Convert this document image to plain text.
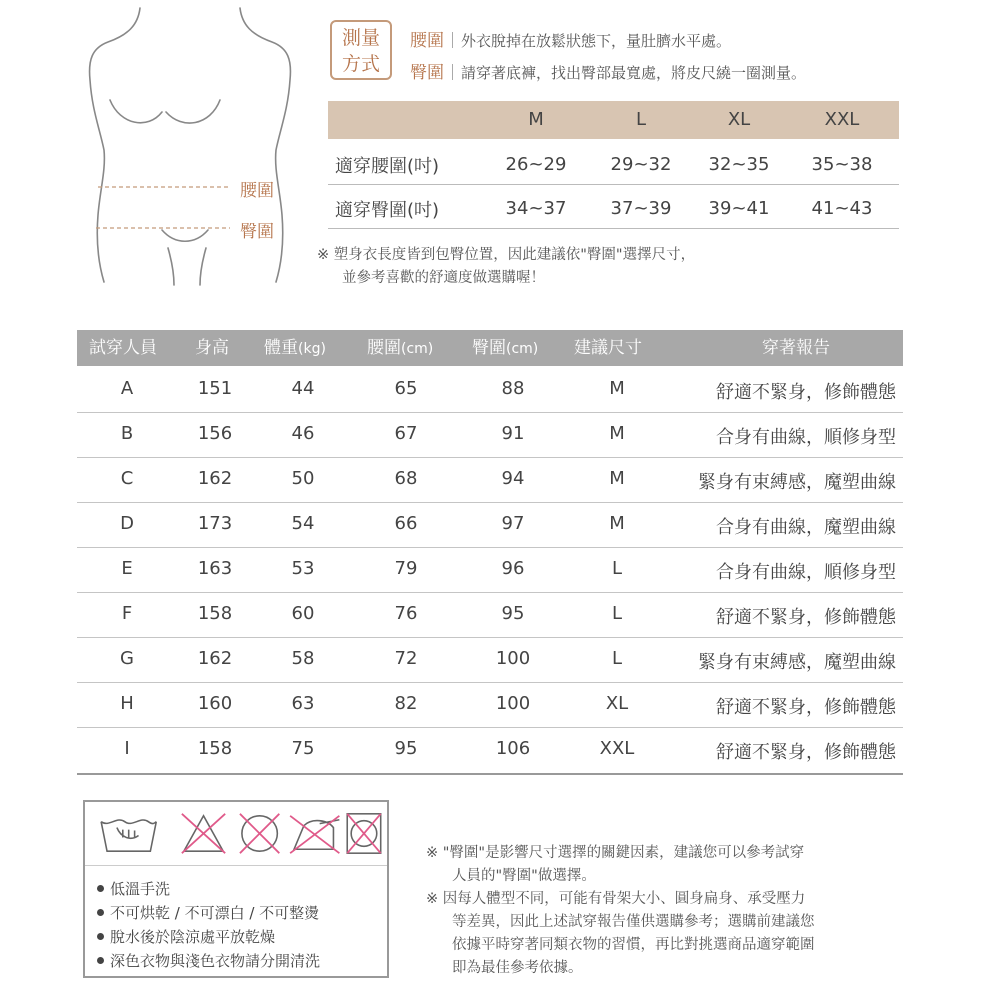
腰圍
臀圍
測量
方式
腰圍 外衣脫掉在放鬆狀態下，量肚臍水平處。
臀圍 請穿著底褲，找出臀部最寬處，將皮尺繞一圈測量。
M	L	XL	XXL
適穿腰圍(吋)	26~29	29~32	32~35	35~38
適穿臀圍(吋)	34~37	37~39	39~41	41~43
※ 塑身衣長度皆到包臀位置，因此建議依"臀圍"選擇尺寸，
並參考喜歡的舒適度做選購喔！
試穿人員 身高 體重(kg) 腰圍(cm) 臀圍(cm) 建議尺寸	穿著報告
A	151	44	65	88	M	舒適不緊身，修飾體態
B	156	46	67	91	M	合身有曲線，順修身型
C	162	50	68	94	M	緊身有束縛感，魔塑曲線
D	173	54	66	97	M	合身有曲線，魔塑曲線
E	163	53	79	96	L	合身有曲線，順修身型
F	158	60	76	95	L	舒適不緊身，修飾體態
G	162	58	72	100	L	緊身有束縛感，魔塑曲線
H	160	63	82	100	XL	舒適不緊身，修飾體態
I	158	75	95	106	XXL	舒適不緊身，修飾體態
低溫手洗
不可烘乾 / 不可漂白 / 不可整燙
脫水後於陰涼處平放乾燥
深色衣物與淺色衣物請分開清洗
※ "臀圍"是影響尺寸選擇的關鍵因素，建議您可以參考試穿
人員的"臀圍"做選擇。
※ 因每人體型不同，可能有骨架大小、圓身扁身、承受壓力
等差異，因此上述試穿報告僅供選購參考；選購前建議您
依據平時穿著同類衣物的習慣，再比對挑選商品適穿範圍
即為最佳參考依據。
